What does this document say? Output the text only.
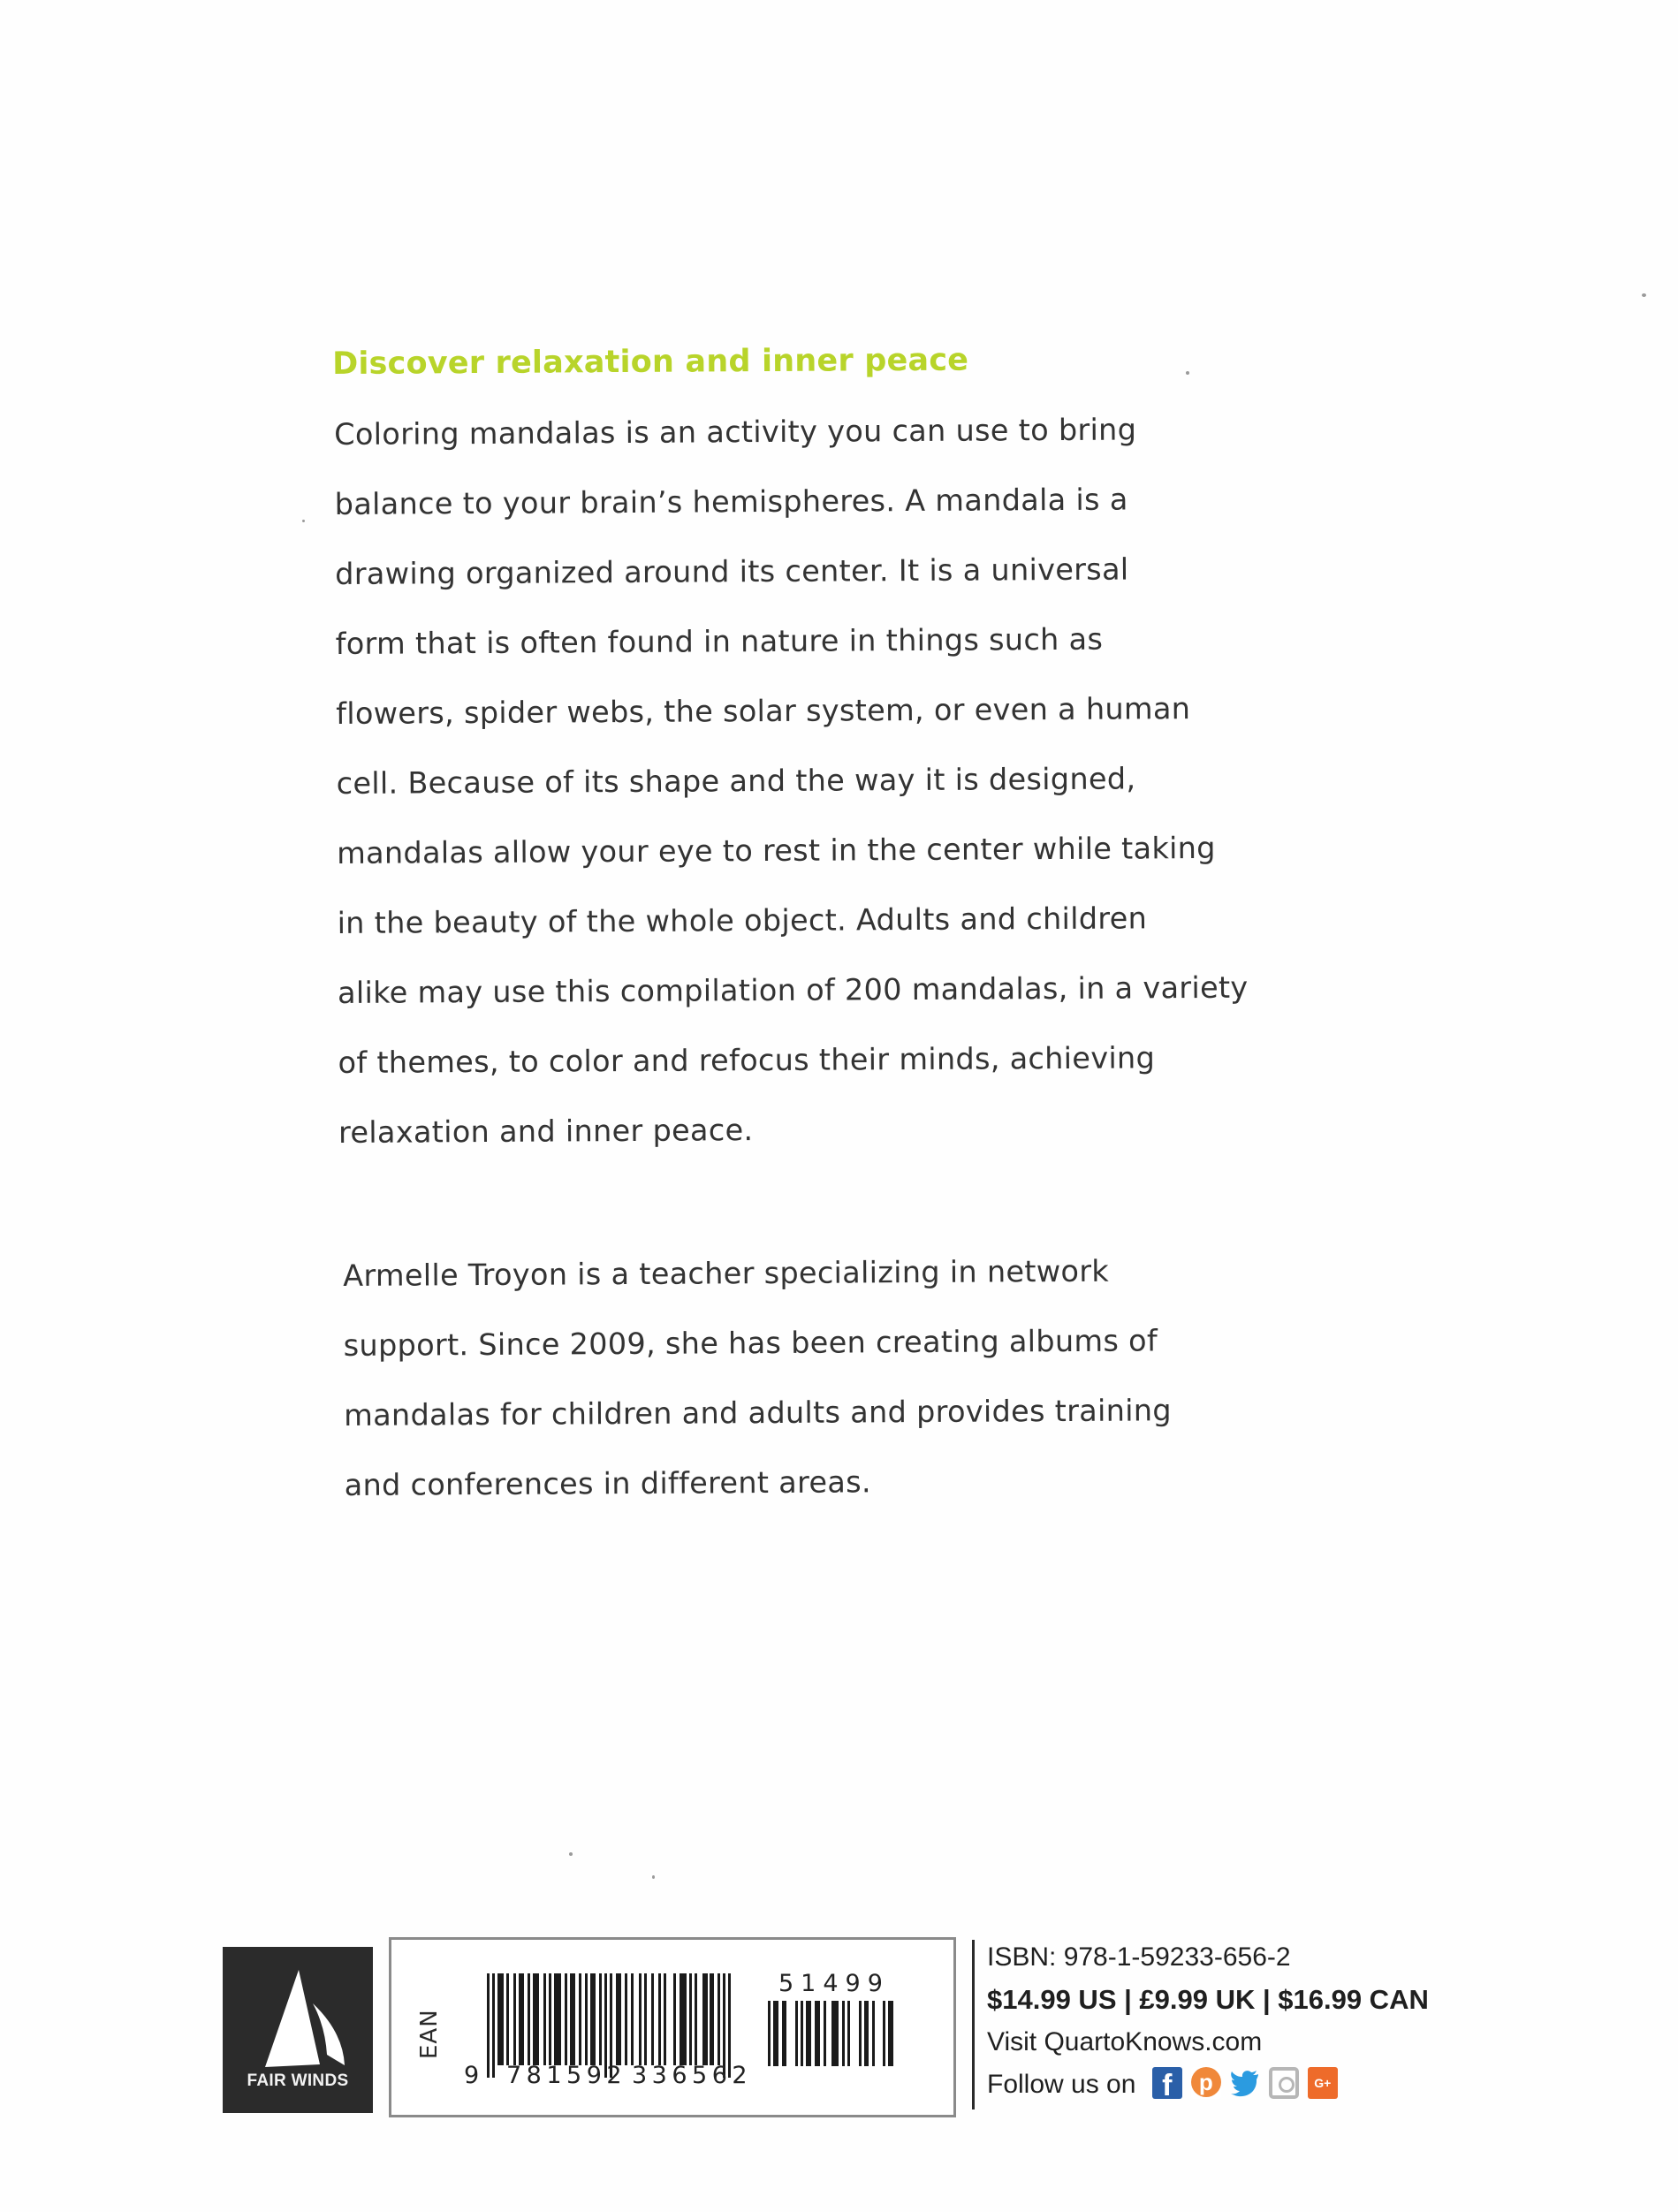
Discover relaxation and inner peace
Coloring mandalas is an activity you can use to bring
balance to your brain’s hemispheres. A mandala is a
drawing organized around its center. It is a universal
form that is often found in nature in things such as
flowers, spider webs, the solar system, or even a human
cell. Because of its shape and the way it is designed,
mandalas allow your eye to rest in the center while taking
in the beauty of the whole object. Adults and children
alike may use this compilation of 200 mandalas, in a variety
of themes, to color and refocus their minds, achieving
relaxation and inner peace.
Armelle Troyon is a teacher specializing in network
support. Since 2009, she has been creating albums of
mandalas for children and adults and provides training
and conferences in different areas.
FAIR WINDS
EAN
9 781592 336562
51499
ISBN: 978-1-59233-656-2
$14.99 US | £9.99 UK | $16.99 CAN
Visit QuartoKnows.com
Follow us on f	p	G+
